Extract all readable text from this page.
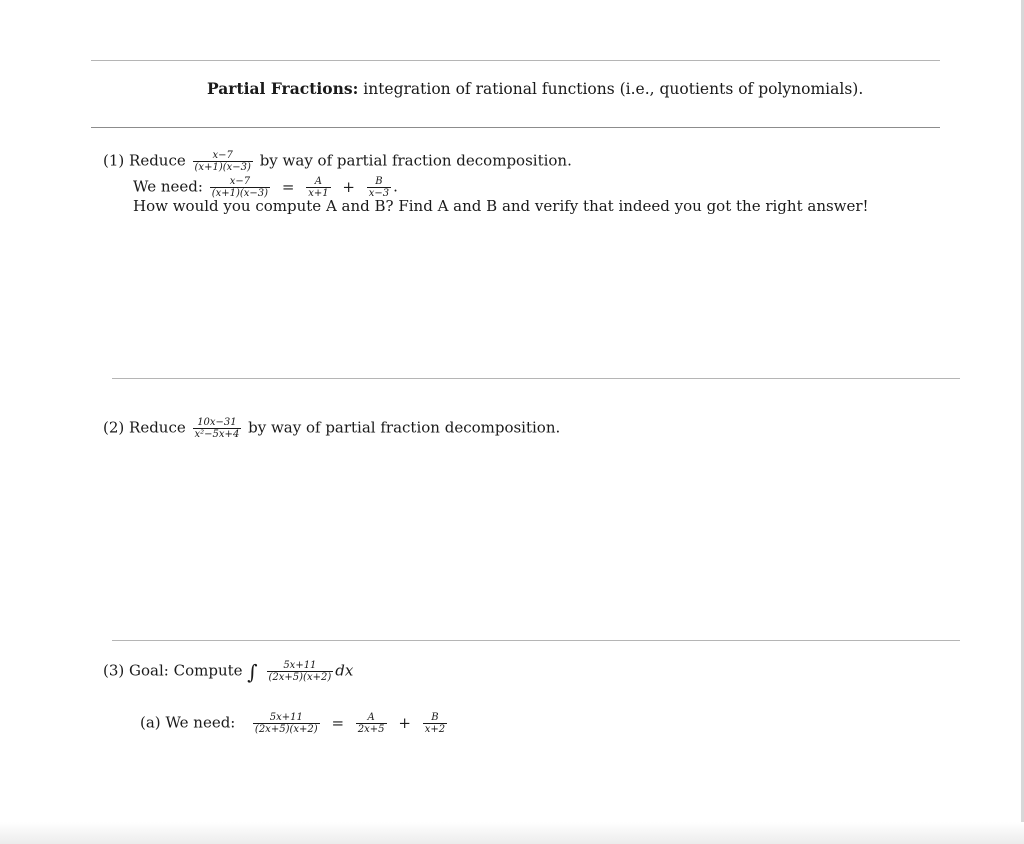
Partial Fractions: integration of rational functions (i.e., quotients of polynomials).
(1) Reduce $\frac{x-7}{(x+1)(x-3)}$ by way of partial fraction decomposition.
We need: $\frac{x-7}{(x+1)(x-3)} = \frac{A}{x+1} + \frac{B}{x-3}$ .
How would you compute A and B? Find A and B and verify that indeed you got the right answer!
(2) Reduce $\frac{10x-31}{\text{x²−5x+4}}$ by way of partial fraction decomposition.
(3) Goal: Compute ∫ $\frac{5x+11}{(2x+5)(x+2)}$ dx
(a) We need: $\frac{5x+11}{(2x+5)(x+2)} = \frac{A}{2x+5} + \frac{B}{x+2}$
